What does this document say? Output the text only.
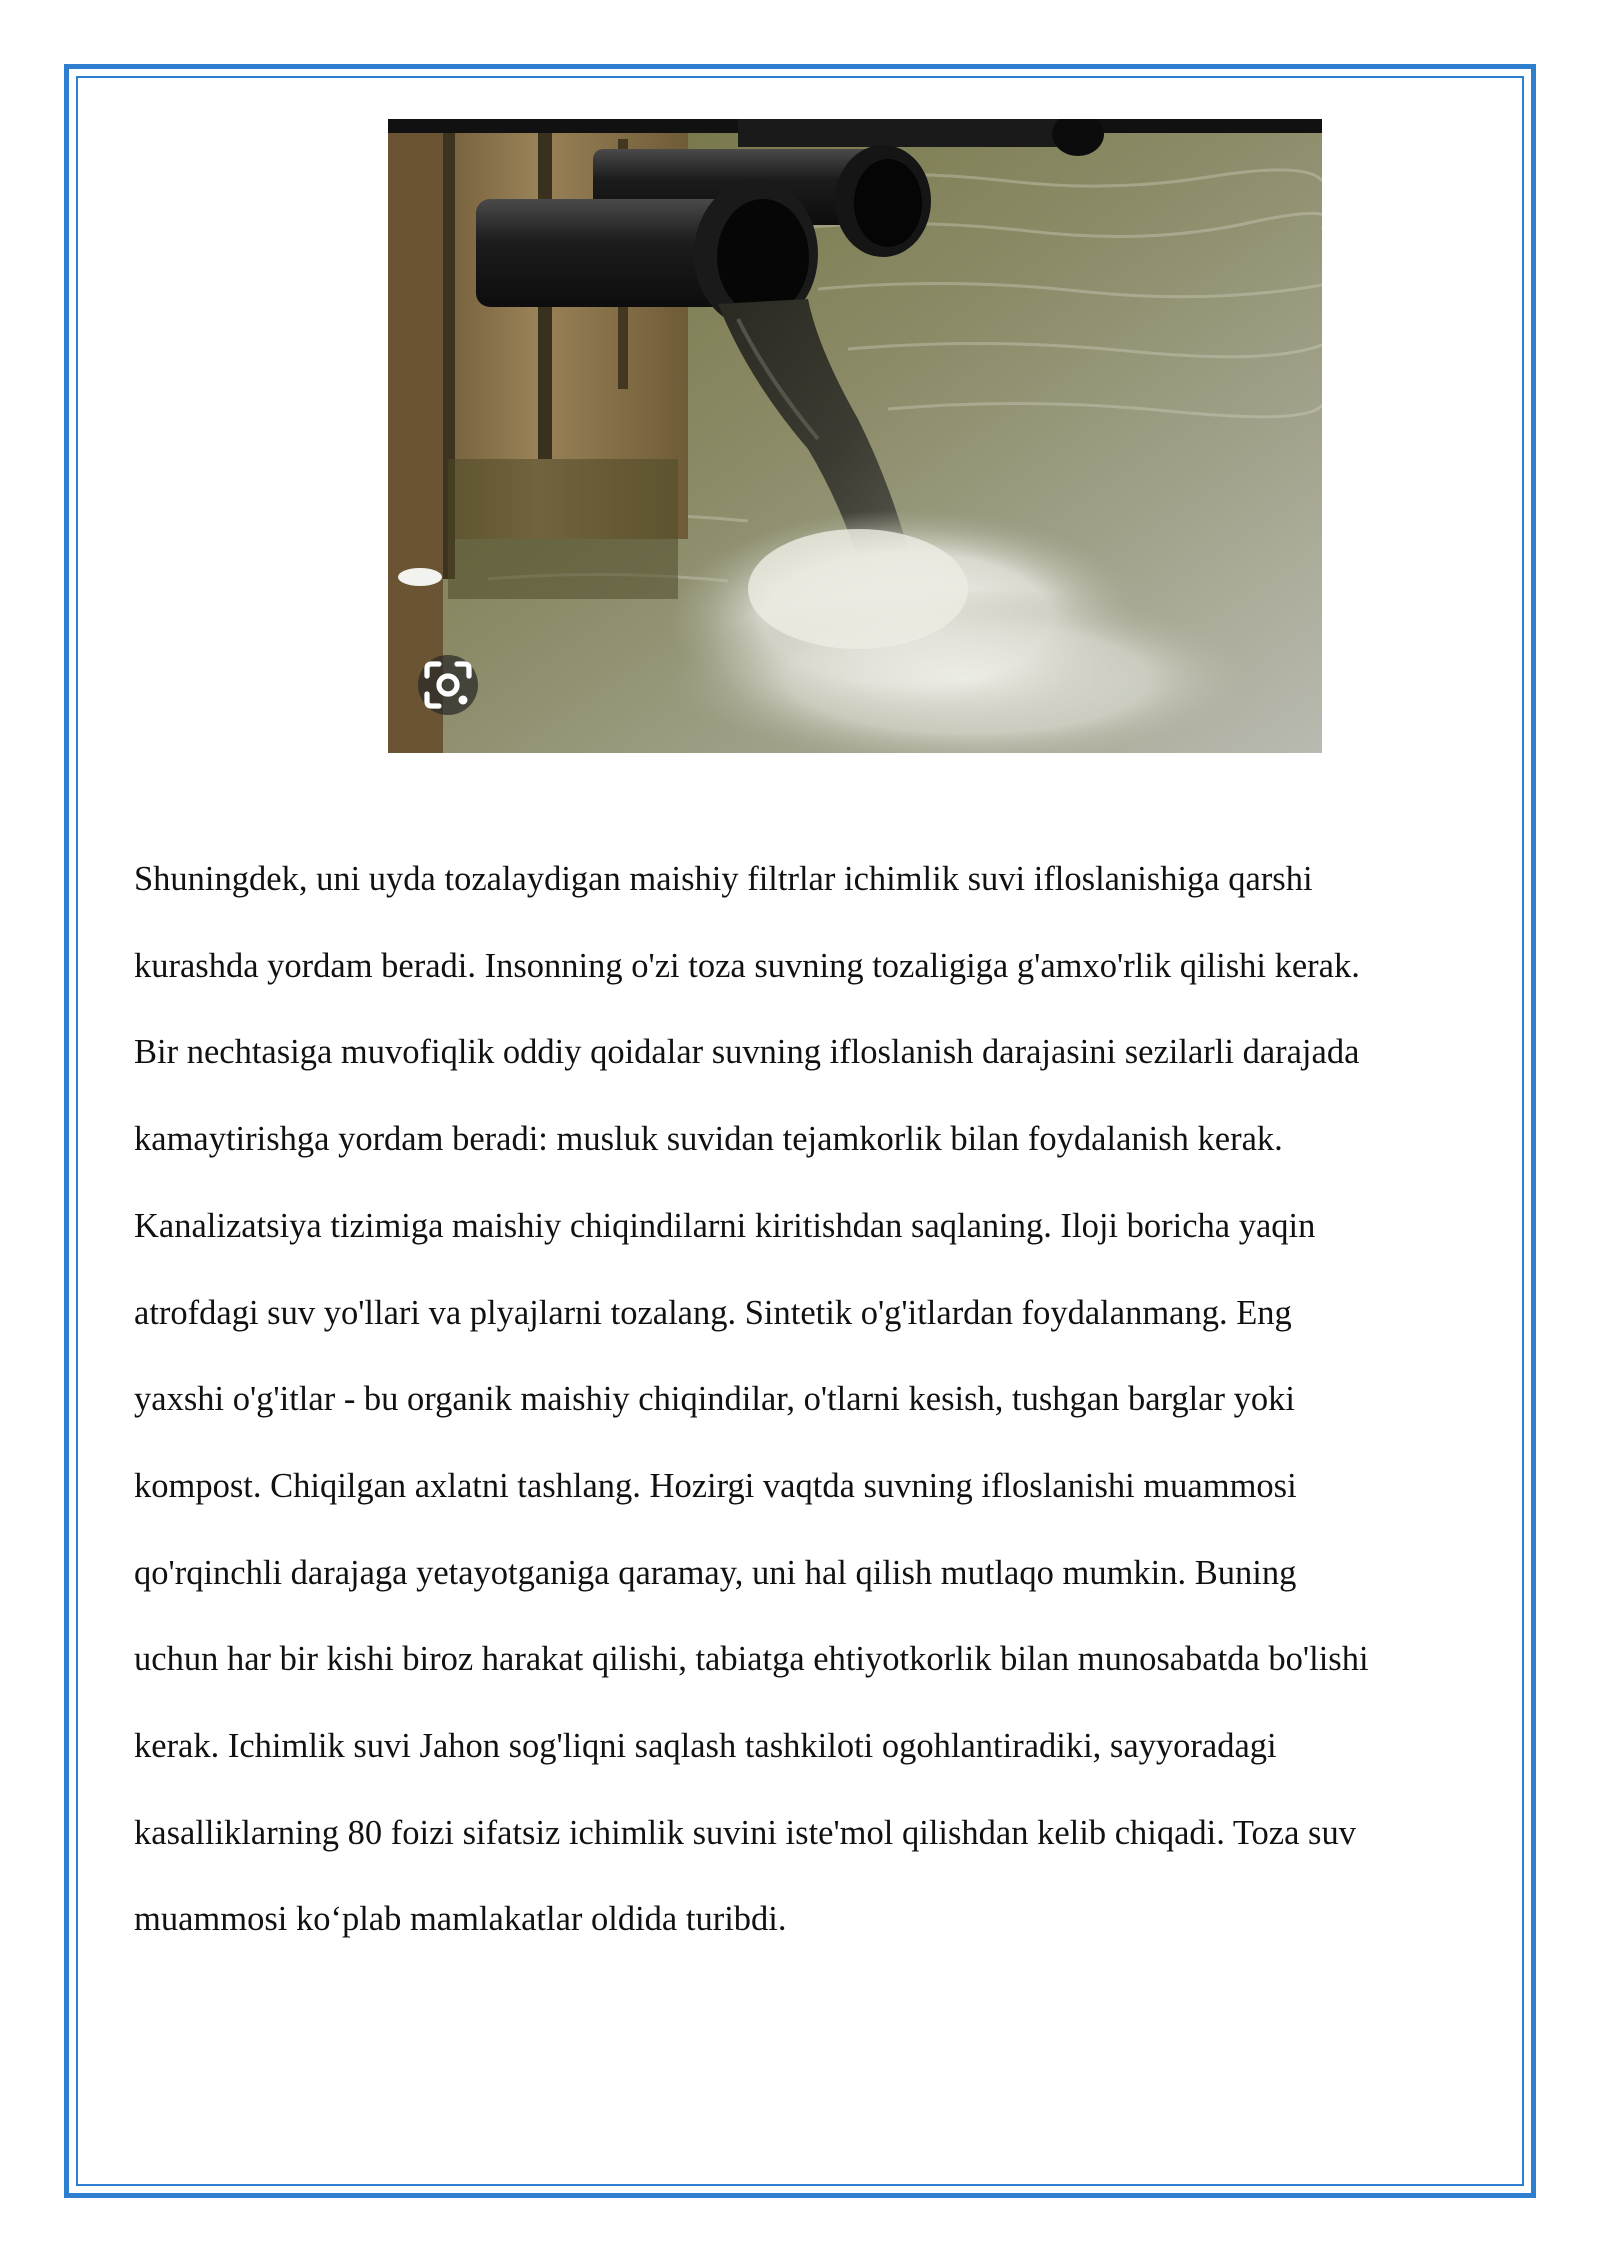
Shuningdek, uni uyda tozalaydigan maishiy filtrlar ichimlik suvi ifloslanishiga qarshi
kurashda yordam beradi. Insonning o'zi toza suvning tozaligiga g'amxo'rlik qilishi kerak.
Bir nechtasiga muvofiqlik oddiy qoidalar suvning ifloslanish darajasini sezilarli darajada
kamaytirishga yordam beradi: musluk suvidan tejamkorlik bilan foydalanish kerak.
Kanalizatsiya tizimiga maishiy chiqindilarni kiritishdan saqlaning. Iloji boricha yaqin
atrofdagi suv yo'llari va plyajlarni tozalang. Sintetik o'g'itlardan foydalanmang. Eng
yaxshi o'g'itlar - bu organik maishiy chiqindilar, o'tlarni kesish, tushgan barglar yoki
kompost. Chiqilgan axlatni tashlang. Hozirgi vaqtda suvning ifloslanishi muammosi
qo'rqinchli darajaga yetayotganiga qaramay, uni hal qilish mutlaqo mumkin. Buning
uchun har bir kishi biroz harakat qilishi, tabiatga ehtiyotkorlik bilan munosabatda bo'lishi
kerak. Ichimlik suvi Jahon sog'liqni saqlash tashkiloti ogohlantiradiki, sayyoradagi
kasalliklarning 80 foizi sifatsiz ichimlik suvini iste'mol qilishdan kelib chiqadi. Toza suv
muammosi ko‘plab mamlakatlar oldida turibdi.
